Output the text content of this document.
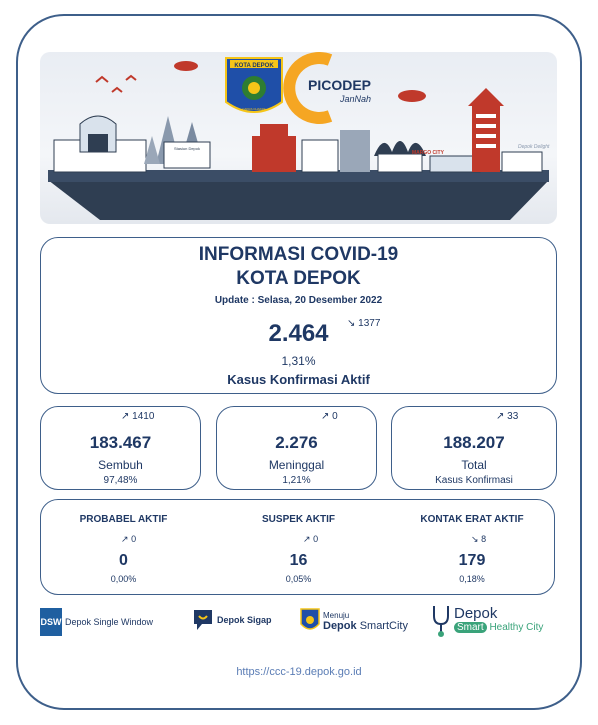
Stasiun Depok
MARGO CITY
Depok Delight
KOTA DEPOK
CAKRA CHAKRA
PICODEP
JanNah
INFORMASI COVID-19
KOTA DEPOK
Update : Selasa, 20 Desember 2022
2.464	↘ 1377
1,31%
Kasus Konfirmasi Aktif
↗ 1410
183.467
Sembuh
97,48%
↗ 0
2.276
Meninggal
1,21%
↗ 33
188.207
Total
Kasus Konfirmasi
PROBABEL AKTIF
↗ 0
0
0,00%
SUSPEK AKTIF
↗ 0
16
0,05%
KONTAK ERAT AKTIF
↘ 8
179
0,18%
DSW Depok Single Window	Depok Sigap	Menuju
Depok SmartCity
Depok
Smart Healthy City
https://ccc-19.depok.go.id
